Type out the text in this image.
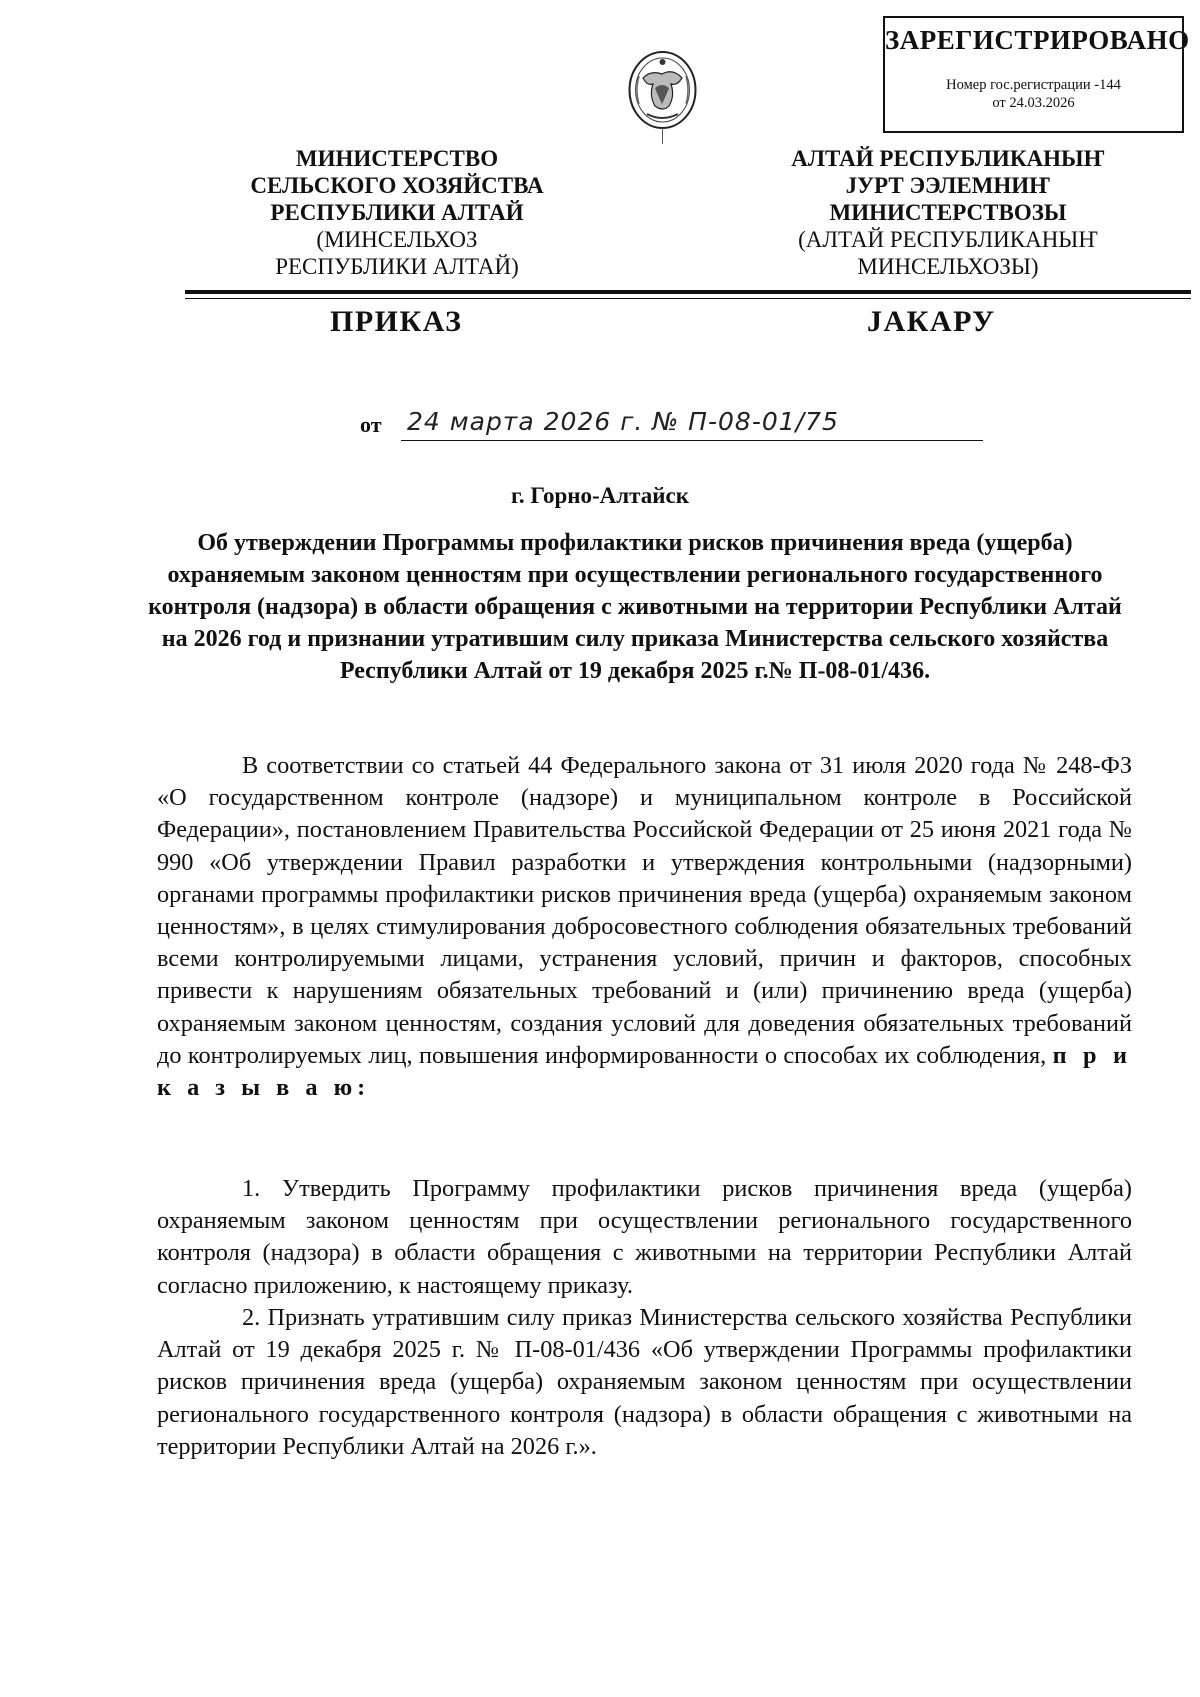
ЗАРЕГИСТРИРОВАНО
Номер гос.регистрации -144
от 24.03.2026
МИНИСТЕРСТВО
СЕЛЬСКОГО ХОЗЯЙСТВА
РЕСПУБЛИКИ АЛТАЙ
(МИНСЕЛЬХОЗ
РЕСПУБЛИКИ АЛТАЙ)
АЛТАЙ РЕСПУБЛИКАНЫҤ
ЈУРТ ЭЭЛЕМНИҤ
МИНИСТЕРСТВОЗЫ
(АЛТАЙ РЕСПУБЛИКАНЫҤ
МИНСЕЛЬХОЗЫ)
ПРИКАЗ	ЈАКАРУ
от 24 марта 2026 г. № П-08-01/75
г. Горно-Алтайск
Об утверждении Программы профилактики рисков причинения вреда (ущерба) охраняемым законом ценностям при осуществлении регионального государственного контроля (надзора) в области обращения с животными на территории Республики Алтай на 2026 год и признании утратившим силу приказа Министерства сельского хозяйства Республики Алтай от 19 декабря 2025 г.№ П-08-01/436.

В соответствии со статьей 44 Федерального закона от 31 июля 2020 года № 248-ФЗ «О государственном контроле (надзоре) и муниципальном контроле в Российской Федерации», постановлением Правительства Российской Федерации от 25 июня 2021 года № 990 «Об утверждении Правил разработки и утверждения контрольными (надзорными) органами программы профилактики рисков причинения вреда (ущерба) охраняемым законом ценностям», в целях стимулирования добросовестного соблюдения обязательных требований всеми контролируемыми лицами, устранения условий, причин и факторов, способных привести к нарушениям обязательных требований и (или) причинению вреда (ущерба) охраняемым законом ценностям, создания условий для доведения обязательных требований до контролируемых лиц, повышения информированности о способах их соблюдения, п р и к а з ы в а ю:

1. Утвердить Программу профилактики рисков причинения вреда (ущерба) охраняемым законом ценностям при осуществлении регионального государственного контроля (надзора) в области обращения с животными на территории Республики Алтай согласно приложению, к настоящему приказу.

2. Признать утратившим силу приказ Министерства сельского хозяйства Республики Алтай от 19 декабря 2025 г. № П-08-01/436 «Об утверждении Программы профилактики рисков причинения вреда (ущерба) охраняемым законом ценностям при осуществлении регионального государственного контроля (надзора) в области обращения с животными на территории Республики Алтай на 2026 г.».
